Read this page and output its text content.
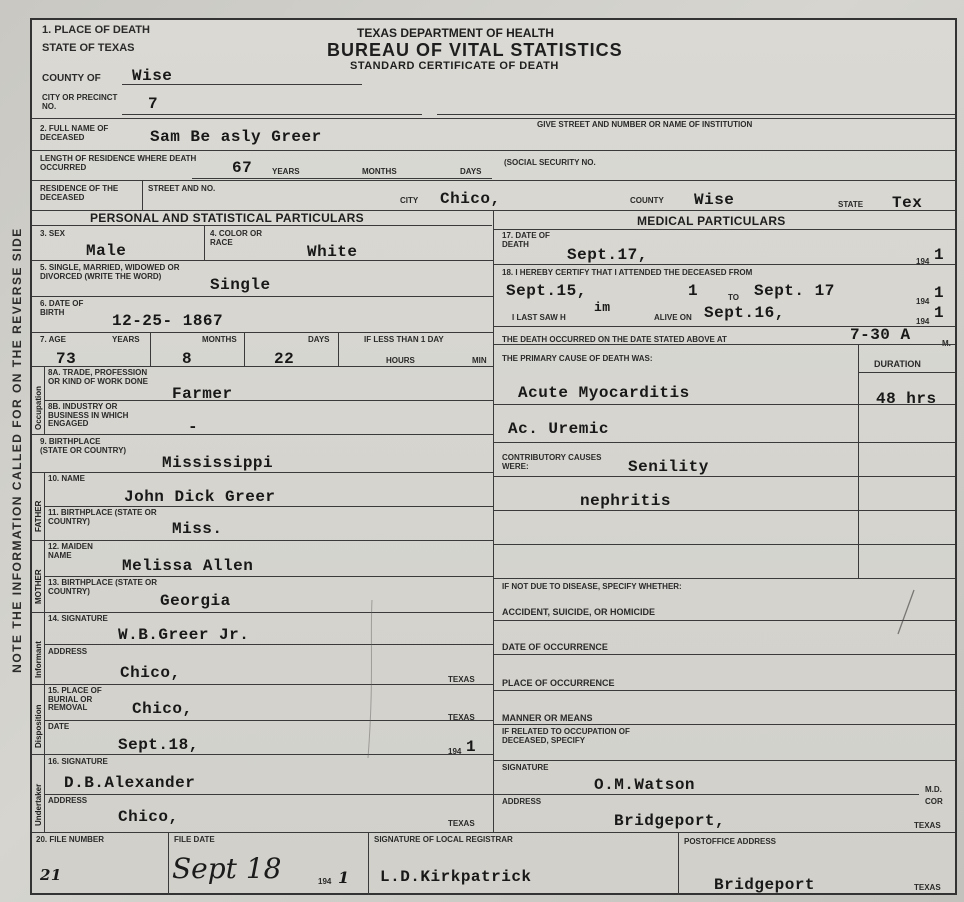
NOTE THE INFORMATION CALLED FOR ON THE REVERSE SIDE
1. PLACE OF DEATH
STATE OF TEXAS
TEXAS DEPARTMENT OF HEALTH
BUREAU OF VITAL STATISTICS
STANDARD CERTIFICATE OF DEATH
COUNTY OF Wise
CITY OR PRECINCT NO.	7
GIVE STREET AND NUMBER OR NAME OF INSTITUTION
2. FULL NAME OF DECEASED	Sam Be asly Greer
LENGTH OF RESIDENCE WHERE DEATH OCCURRED	67 YEARS	MONTHS	DAYS
(SOCIAL SECURITY NO.
RESIDENCE OF THE DECEASED
STREET AND NO.
CITY Chico,	COUNTY Wise	STATE Tex
PERSONAL AND STATISTICAL PARTICULARS	MEDICAL PARTICULARS
3. SEX
Male
4. COLOR OR RACE
White
5. SINGLE, MARRIED, WIDOWED OR DIVORCED (WRITE THE WORD)	Single
6. DATE OF BIRTH	12-25- 1867
7. AGE	YEARS	MONTHS	DAYS	IF LESS THAN 1 DAY
HOURS	MIN
73	8	22
Occupation
8A. TRADE, PROFESSION OR KIND OF WORK DONE
Farmer
8B. INDUSTRY OR BUSINESS IN WHICH ENGAGED	-
9. BIRTHPLACE (STATE OR COUNTRY)
Mississippi
FATHER
10. NAME
John Dick Greer
11. BIRTHPLACE (STATE OR COUNTRY)	Miss.
MOTHER
12. MAIDEN NAME
Melissa Allen
13. BIRTHPLACE (STATE OR COUNTRY)
Georgia
Informant
14. SIGNATURE
W.B.Greer Jr.
ADDRESS
Chico,	TEXAS
Disposition
15. PLACE OF BURIAL OR REMOVAL	Chico,	TEXAS
DATE
Sept.18,	194 1
Undertaker
16. SIGNATURE
D.B.Alexander
ADDRESS
Chico,	TEXAS
17. DATE OF DEATH
Sept.17,	194 1
18. I HEREBY CERTIFY THAT I ATTENDED THE DECEASED FROM
Sept.15,	1	TO Sept. 17
194 1
I LAST SAW H
im
ALIVE ON Sept.16,	194 1
THE DEATH OCCURRED ON THE DATE STATED ABOVE AT	7-30 A	M.
THE PRIMARY CAUSE OF DEATH WAS:
DURATION
Acute Myocarditis	48 hrs
Ac. Uremic
CONTRIBUTORY CAUSES WERE:	Senility
nephritis
IF NOT DUE TO DISEASE, SPECIFY WHETHER:
ACCIDENT, SUICIDE, OR HOMICIDE
DATE OF OCCURRENCE
PLACE OF OCCURRENCE
MANNER OR MEANS
IF RELATED TO OCCUPATION OF DECEASED, SPECIFY
SIGNATURE
O.M.Watson	M.D.
COR
ADDRESS
Bridgeport,	TEXAS
20. FILE NUMBER
21
FILE DATE
Sept 18	194 1
SIGNATURE OF LOCAL REGISTRAR
L.D.Kirkpatrick
POSTOFFICE ADDRESS
Bridgeport	TEXAS
